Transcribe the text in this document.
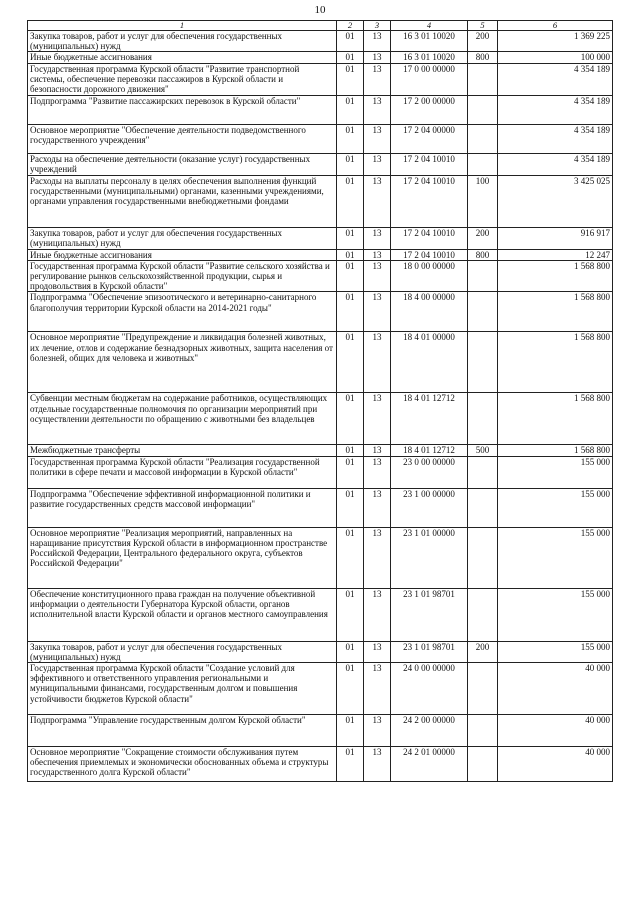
10
1	2	3	4	5	6
Закупка товаров, работ и услуг для обеспечения государственных (муниципальных) нужд	01	13	16 3 01 10020	200	1 369 225
Иные бюджетные ассигнования	01	13	16 3 01 10020	800	100 000
Государственная программа Курской области "Развитие транспортной системы, обеспечение перевозки пассажиров в Курской области и безопасности дорожного движения"	01	13	17 0 00 00000		4 354 189
Подпрограмма "Развитие пассажирских перевозок в Курской области"	01	13	17 2 00 00000		4 354 189
Основное мероприятие "Обеспечение деятельности подведомственного государственного учреждения"	01	13	17 2 04 00000		4 354 189
Расходы на обеспечение деятельности (оказание услуг) государственных учреждений	01	13	17 2 04 10010		4 354 189
Расходы на выплаты персоналу в целях обеспечения выполнения функций государственными (муниципальными) органами, казенными учреждениями, органами управления государственными внебюджетными фондами	01	13	17 2 04 10010	100	3 425 025
Закупка товаров, работ и услуг для обеспечения государственных (муниципальных) нужд	01	13	17 2 04 10010	200	916 917
Иные бюджетные ассигнования	01	13	17 2 04 10010	800	12 247
Государственная программа Курской области "Развитие сельского хозяйства и регулирование рынков сельскохозяйственной продукции, сырья и продовольствия в Курской области"	01	13	18 0 00 00000		1 568 800
Подпрограмма "Обеспечение эпизоотического и ветеринарно-санитарного благополучия территории Курской области на 2014-2021 годы"	01	13	18 4 00 00000		1 568 800
Основное мероприятие "Предупреждение и ликвидация болезней животных, их лечение, отлов и содержание безнадзорных животных, защита населения от болезней, общих для человека и животных"	01	13	18 4 01 00000		1 568 800
Субвенции местным бюджетам на содержание работников, осуществляющих отдельные государственные полномочия по организации мероприятий при осуществлении деятельности по обращению с животными без владельцев	01	13	18 4 01 12712		1 568 800
Межбюджетные трансферты	01	13	18 4 01 12712	500	1 568 800
Государственная программа Курской области "Реализация государственной политики в сфере печати и массовой информации в Курской области"	01	13	23 0 00 00000		155 000
Подпрограмма "Обеспечение эффективной информационной политики и развитие государственных средств массовой информации"	01	13	23 1 00 00000		155 000
Основное мероприятие "Реализация мероприятий, направленных на наращивание присутствия Курской области в информационном пространстве Российской Федерации, Центрального федерального округа, субъектов Российской Федерации"	01	13	23 1 01 00000		155 000
Обеспечение конституционного права граждан на получение объективной информации о деятельности Губернатора Курской области, органов исполнительной власти Курской области и органов местного самоуправления	01	13	23 1 01 98701		155 000
Закупка товаров, работ и услуг для обеспечения государственных (муниципальных) нужд	01	13	23 1 01 98701	200	155 000
Государственная программа Курской области "Создание условий для эффективного и ответственного управления региональными и муниципальными финансами, государственным долгом и повышения устойчивости бюджетов Курской области"	01	13	24 0 00 00000		40 000
Подпрограмма "Управление государственным долгом Курской области"	01	13	24 2 00 00000		40 000
Основное мероприятие "Сокращение стоимости обслуживания путем обеспечения приемлемых и экономически обоснованных объема и структуры государственного долга Курской области"	01	13	24 2 01 00000		40 000
